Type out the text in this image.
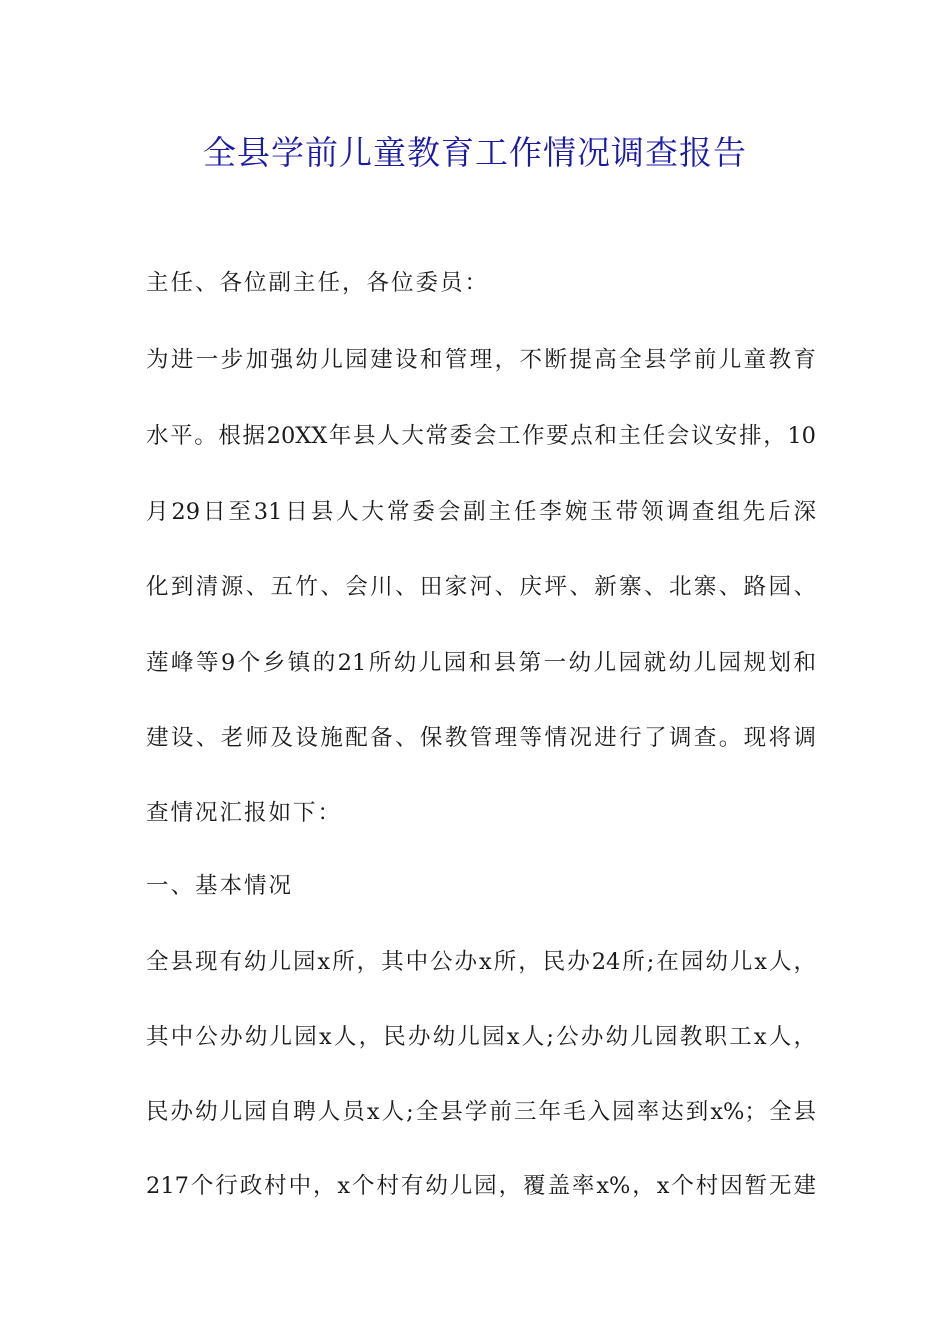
全县学前儿童教育工作情况调查报告
主任、各位副主任，各位委员：
为进一步加强幼儿园建设和管理，不断提高全县学前儿童教育
水平。根据20XX年县人大常委会工作要点和主任会议安排，10
月29日至31日县人大常委会副主任李婉玉带领调查组先后深
化到清源、五竹、会川、田家河、庆坪、新寨、北寨、路园、
莲峰等9个乡镇的21所幼儿园和县第一幼儿园就幼儿园规划和
建设、老师及设施配备、保教管理等情况进行了调查。现将调
查情况汇报如下：
一、基本情况
全县现有幼儿园x所，其中公办x所，民办24所;在园幼儿x人，
其中公办幼儿园x人，民办幼儿园x人;公办幼儿园教职工x人，
民办幼儿园自聘人员x人;全县学前三年毛入园率达到x%；全县
217个行政村中，x个村有幼儿园，覆盖率x%，x个村因暂无建
